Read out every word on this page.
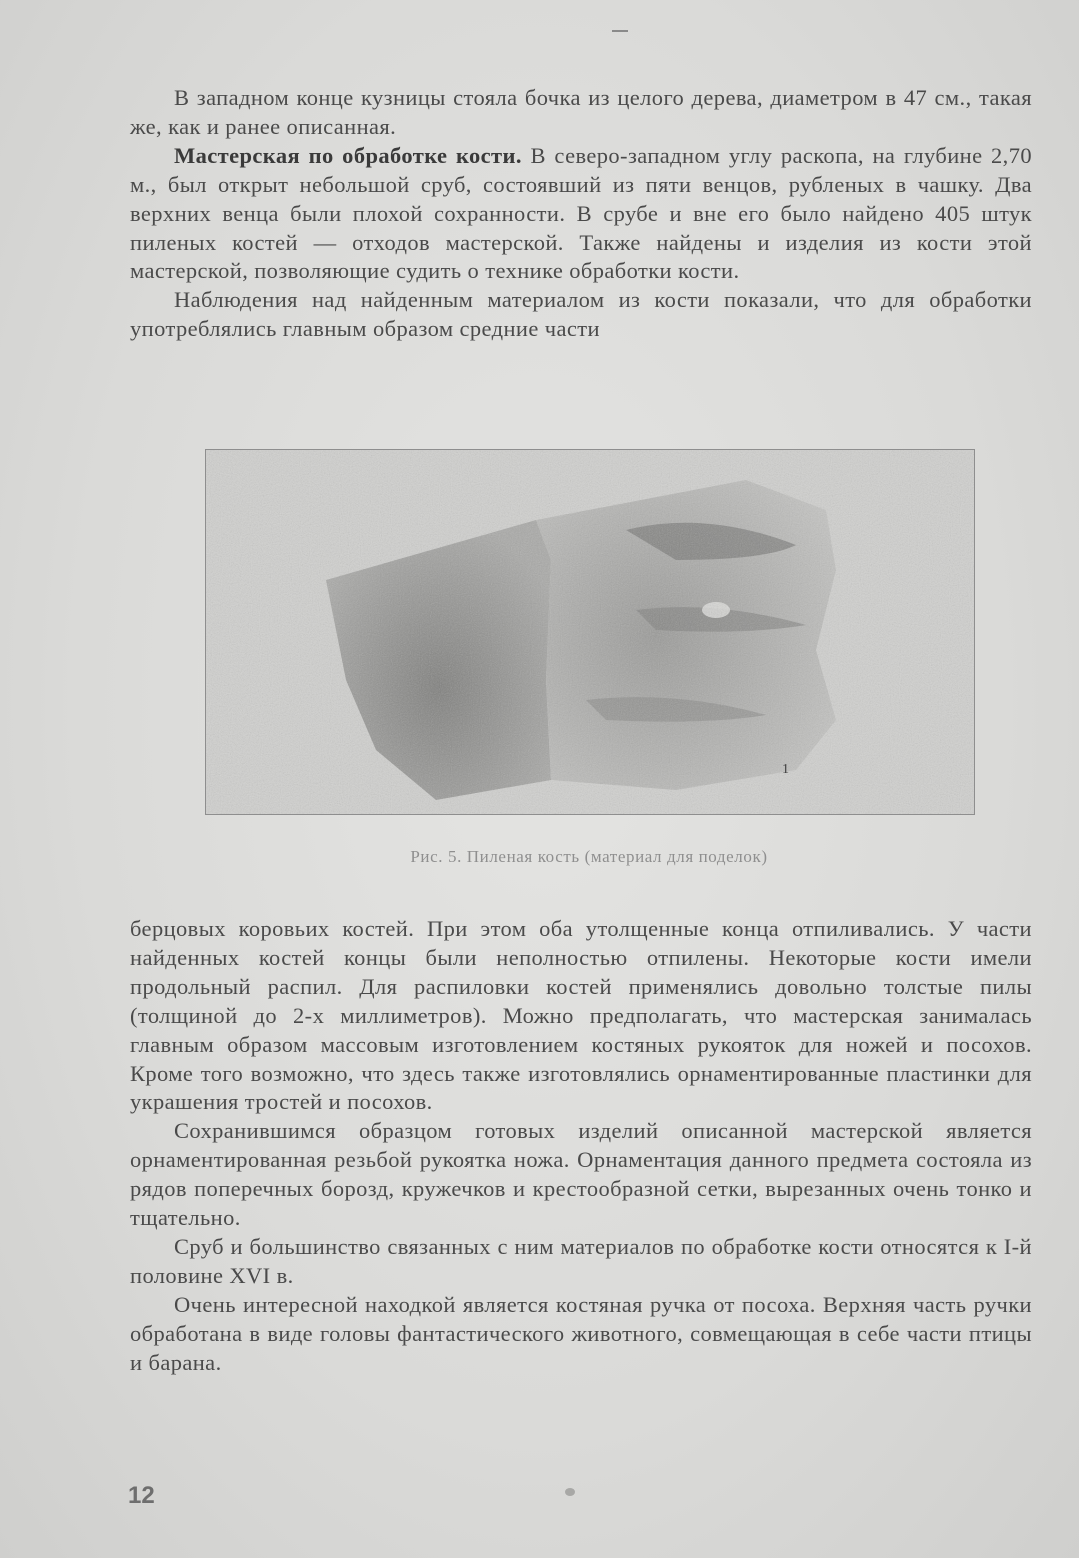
В западном конце кузницы стояла бочка из целого дерева, диаметром в 47 см., такая же, как и ранее описанная.

Мастерская по обработке кости. В северо-западном углу раскопа, на глубине 2,70 м., был открыт небольшой сруб, состоявший из пяти венцов, рубленых в чашку. Два верхних венца были плохой сохранности. В срубе и вне его было найдено 405 штук пиленых костей — отходов мастерской. Также найдены и изделия из кости этой мастерской, позволяющие судить о технике обработки кости.

Наблюдения над найденным материалом из кости показали, что для обработки употреблялись главным образом средние части

1
Рис. 5. Пиленая кость (материал для поделок)

берцовых коровьих костей. При этом оба утолщенные конца отпиливались. У части найденных костей концы были неполностью отпилены. Некоторые кости имели продольный распил. Для распиловки костей применялись довольно толстые пилы (толщиной до 2-х миллиметров). Можно предполагать, что мастерская занималась главным образом массовым изготовлением костяных рукояток для ножей и посохов. Кроме того возможно, что здесь также изготовлялись орнаментированные пластинки для украшения тростей и посохов.

Сохранившимся образцом готовых изделий описанной мастерской является орнаментированная резьбой рукоятка ножа. Орнаментация данного предмета состояла из рядов поперечных борозд, кружечков и крестообразной сетки, вырезанных очень тонко и тщательно.

Сруб и большинство связанных с ним материалов по обработке кости относятся к I-й половине XVI в.

Очень интересной находкой является костяная ручка от посоха. Верхняя часть ручки обработана в виде головы фантастического животного, совмещающая в себе части птицы и барана.

12
